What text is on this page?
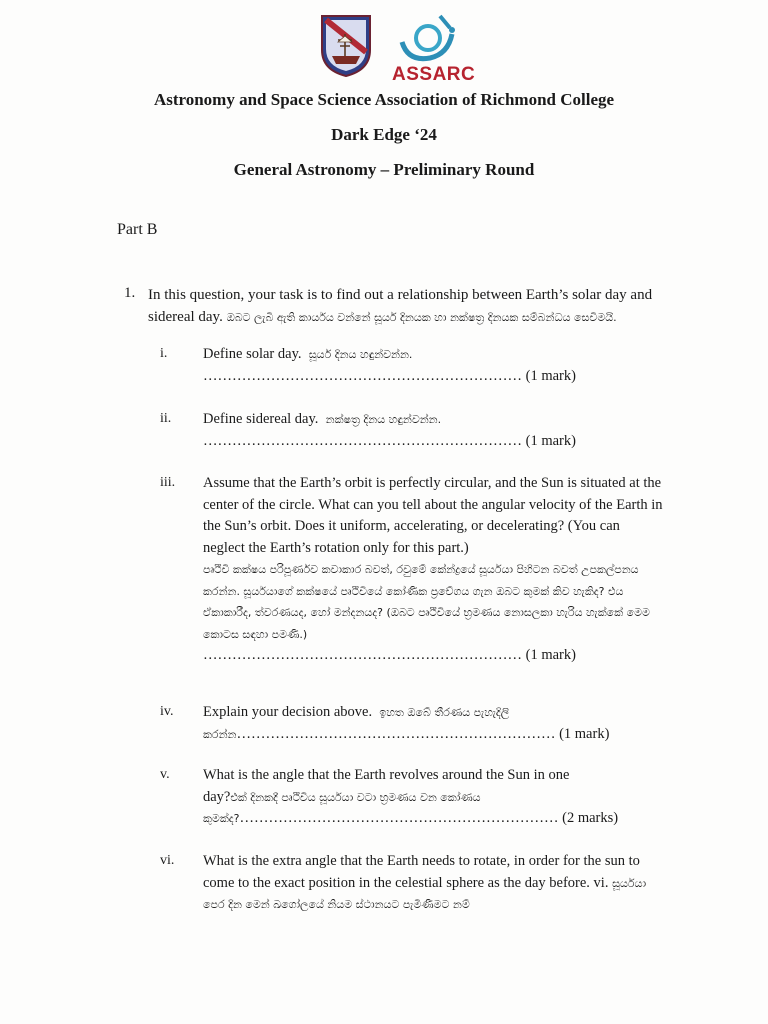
ASSARC
Astronomy and Space Science Association of Richmond College
Dark Edge ‘24
General Astronomy – Preliminary Round
Part B
1. In this question, your task is to find out a relationship between Earth’s solar day and sidereal day. ඔබට ලැබී ඇති කාර්යය වන්නේ සූර්ය දිනයක හා නක්ෂත්‍ර දිනයක සම්බන්ධය සෙවීමයි.
i. Define solar day. සූර්ය දිනය හඳුන්වන්න.
………………………………………………………… (1 mark)
ii. Define sidereal day. නක්ෂත්‍ර දිනය හඳුන්වන්න.
………………………………………………………… (1 mark)
iii. Assume that the Earth’s orbit is perfectly circular, and the Sun is situated at the center of the circle. What can you tell about the angular velocity of the Earth in the Sun’s orbit. Does it uniform, accelerating, or decelerating? (You can neglect the Earth’s rotation only for this part.)
පෘථිවි කක්ෂය පරිපූර්ණව කවාකාර බවත්, රවුමේ කේන්ද්‍රයේ සූර්යයා පිහිටන බවත් උපකල්පනය කරන්න. සූර්යයාගේ කක්ෂයේ පෘථිවියේ කෝණික ප්‍රවේගය ගැන ඔබට කුමක් කිව හැකිද? එය ඒකාකාරීද, ත්වරණයද, හෝ මන්දනයද? (ඔබට පෘථිවියේ භ්‍රමණය නොසලකා හැරිය හැක්කේ මෙම කොටස සඳහා පමණි.)
………………………………………………………… (1 mark)
iv. Explain your decision above. ඉහත ඔබේ තීරණය පැහැදිලි
කරන්න………………………………………………………… (1 mark)
v. What is the angle that the Earth revolves around the Sun in one
day?එක් දිනකදී පෘථිවිය සූර්යයා වටා භ්‍රමණය වන කෝණය
කුමක්ද?………………………………………………………… (2 marks)
vi. What is the extra angle that the Earth needs to rotate, in order for the sun to come to the exact position in the celestial sphere as the day before. vi. සූර්යයා පෙර දින මෙන් ඛගෝලයේ නියම ස්ථානයට පැමිණීමට නම්
